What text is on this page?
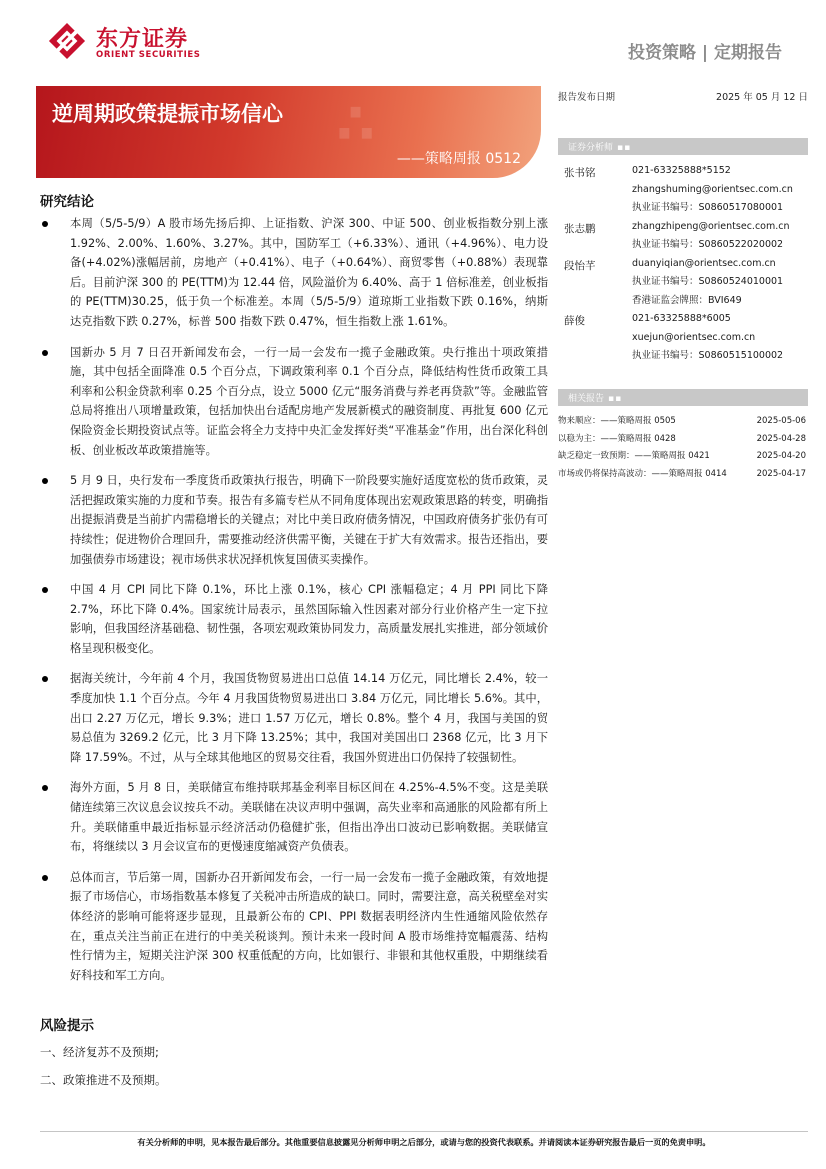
东方证券
ORIENT SECURITIES	投资策略 | 定期报告
∴
逆周期政策提振市场信心
——策略周报 0512
报告发布日期	2025 年 05 月 12 日
证券分析师 ▪▪
张书铭	021-63325888*5152
zhangshuming@orientsec.com.cn
执业证书编号：S0860517080001
张志鹏	zhangzhipeng@orientsec.com.cn
执业证书编号：S0860522020002
段怡芊	duanyiqian@orientsec.com.cn
执业证书编号：S0860524010001
香港证监会牌照：BVI649
薛俊	021-63325888*6005
xuejun@orientsec.com.cn
执业证书编号：S0860515100002
相关报告 ▪▪
物来顺应：——策略周报 0505	2025-05-06
以稳为主：——策略周报 0428	2025-04-28
缺乏稳定一致预期：——策略周报 0421	2025-04-20
市场或仍将保持高波动：——策略周报 0414	2025-04-17
研究结论
本周（5/5-5/9）A 股市场先扬后抑、上证指数、沪深 300、中证 500、创业板指数分别上涨 1.92%、2.00%、1.60%、3.27%。其中，国防军工（+6.33%）、通讯（+4.96%）、电力设备(+4.02%)涨幅居前，房地产（+0.41%）、电子（+0.64%）、商贸零售（+0.88%）表现靠后。目前沪深 300 的 PE(TTM)为 12.44 倍，风险溢价为 6.40%、高于 1 倍标准差，创业板指的 PE(TTM)30.25，低于负一个标准差。本周（5/5-5/9）道琼斯工业指数下跌 0.16%，纳斯达克指数下跌 0.27%，标普 500 指数下跌 0.47%，恒生指数上涨 1.61%。
国新办 5 月 7 日召开新闻发布会，一行一局一会发布一揽子金融政策。央行推出十项政策措施，其中包括全面降准 0.5 个百分点，下调政策利率 0.1 个百分点，降低结构性货币政策工具利率和公积金贷款利率 0.25 个百分点，设立 5000 亿元“服务消费与养老再贷款”等。金融监管总局将推出八项增量政策，包括加快出台适配房地产发展新模式的融资制度、再批复 600 亿元保险资金长期投资试点等。证监会将全力支持中央汇金发挥好类“平准基金”作用，出台深化科创板、创业板改革政策措施等。
5 月 9 日，央行发布一季度货币政策执行报告，明确下一阶段要实施好适度宽松的货币政策，灵活把握政策实施的力度和节奏。报告有多篇专栏从不同角度体现出宏观政策思路的转变，明确指出提振消费是当前扩内需稳增长的关键点；对比中美日政府债务情况，中国政府债务扩张仍有可持续性；促进物价合理回升，需要推动经济供需平衡，关键在于扩大有效需求。报告还指出，要加强债券市场建设；视市场供求状况择机恢复国债买卖操作。
中国 4 月 CPI 同比下降 0.1%，环比上涨 0.1%，核心 CPI 涨幅稳定；4 月 PPI 同比下降 2.7%，环比下降 0.4%。国家统计局表示，虽然国际输入性因素对部分行业价格产生一定下拉影响，但我国经济基础稳、韧性强，各项宏观政策协同发力，高质量发展扎实推进，部分领域价格呈现积极变化。
据海关统计，今年前 4 个月，我国货物贸易进出口总值 14.14 万亿元，同比增长 2.4%，较一季度加快 1.1 个百分点。今年 4 月我国货物贸易进出口 3.84 万亿元，同比增长 5.6%。其中，出口 2.27 万亿元，增长 9.3%；进口 1.57 万亿元，增长 0.8%。整个 4 月，我国与美国的贸易总值为 3269.2 亿元，比 3 月下降 13.25%；其中，我国对美国出口 2368 亿元，比 3 月下降 17.59%。不过，从与全球其他地区的贸易交往看，我国外贸进出口仍保持了较强韧性。
海外方面，5 月 8 日，美联储宣布维持联邦基金利率目标区间在 4.25%-4.5%不变。这是美联储连续第三次议息会议按兵不动。美联储在决议声明中强调，高失业率和高通胀的风险都有所上升。美联储重申最近指标显示经济活动仍稳健扩张，但指出净出口波动已影响数据。美联储宣布，将继续以 3 月会议宣布的更慢速度缩减资产负债表。
总体而言，节后第一周，国新办召开新闻发布会，一行一局一会发布一揽子金融政策，有效地提振了市场信心，市场指数基本修复了关税冲击所造成的缺口。同时，需要注意，高关税壁垒对实体经济的影响可能将逐步显现，且最新公布的 CPI、PPI 数据表明经济内生性通缩风险依然存在，重点关注当前正在进行的中美关税谈判。预计未来一段时间 A 股市场维持宽幅震荡、结构性行情为主，短期关注沪深 300 权重低配的方向，比如银行、非银和其他权重股，中期继续看好科技和军工方向。
风险提示
一、经济复苏不及预期;
二、政策推进不及预期。
有关分析师的申明，见本报告最后部分。其他重要信息披露见分析师申明之后部分，或请与您的投资代表联系。并请阅读本证券研究报告最后一页的免责申明。
